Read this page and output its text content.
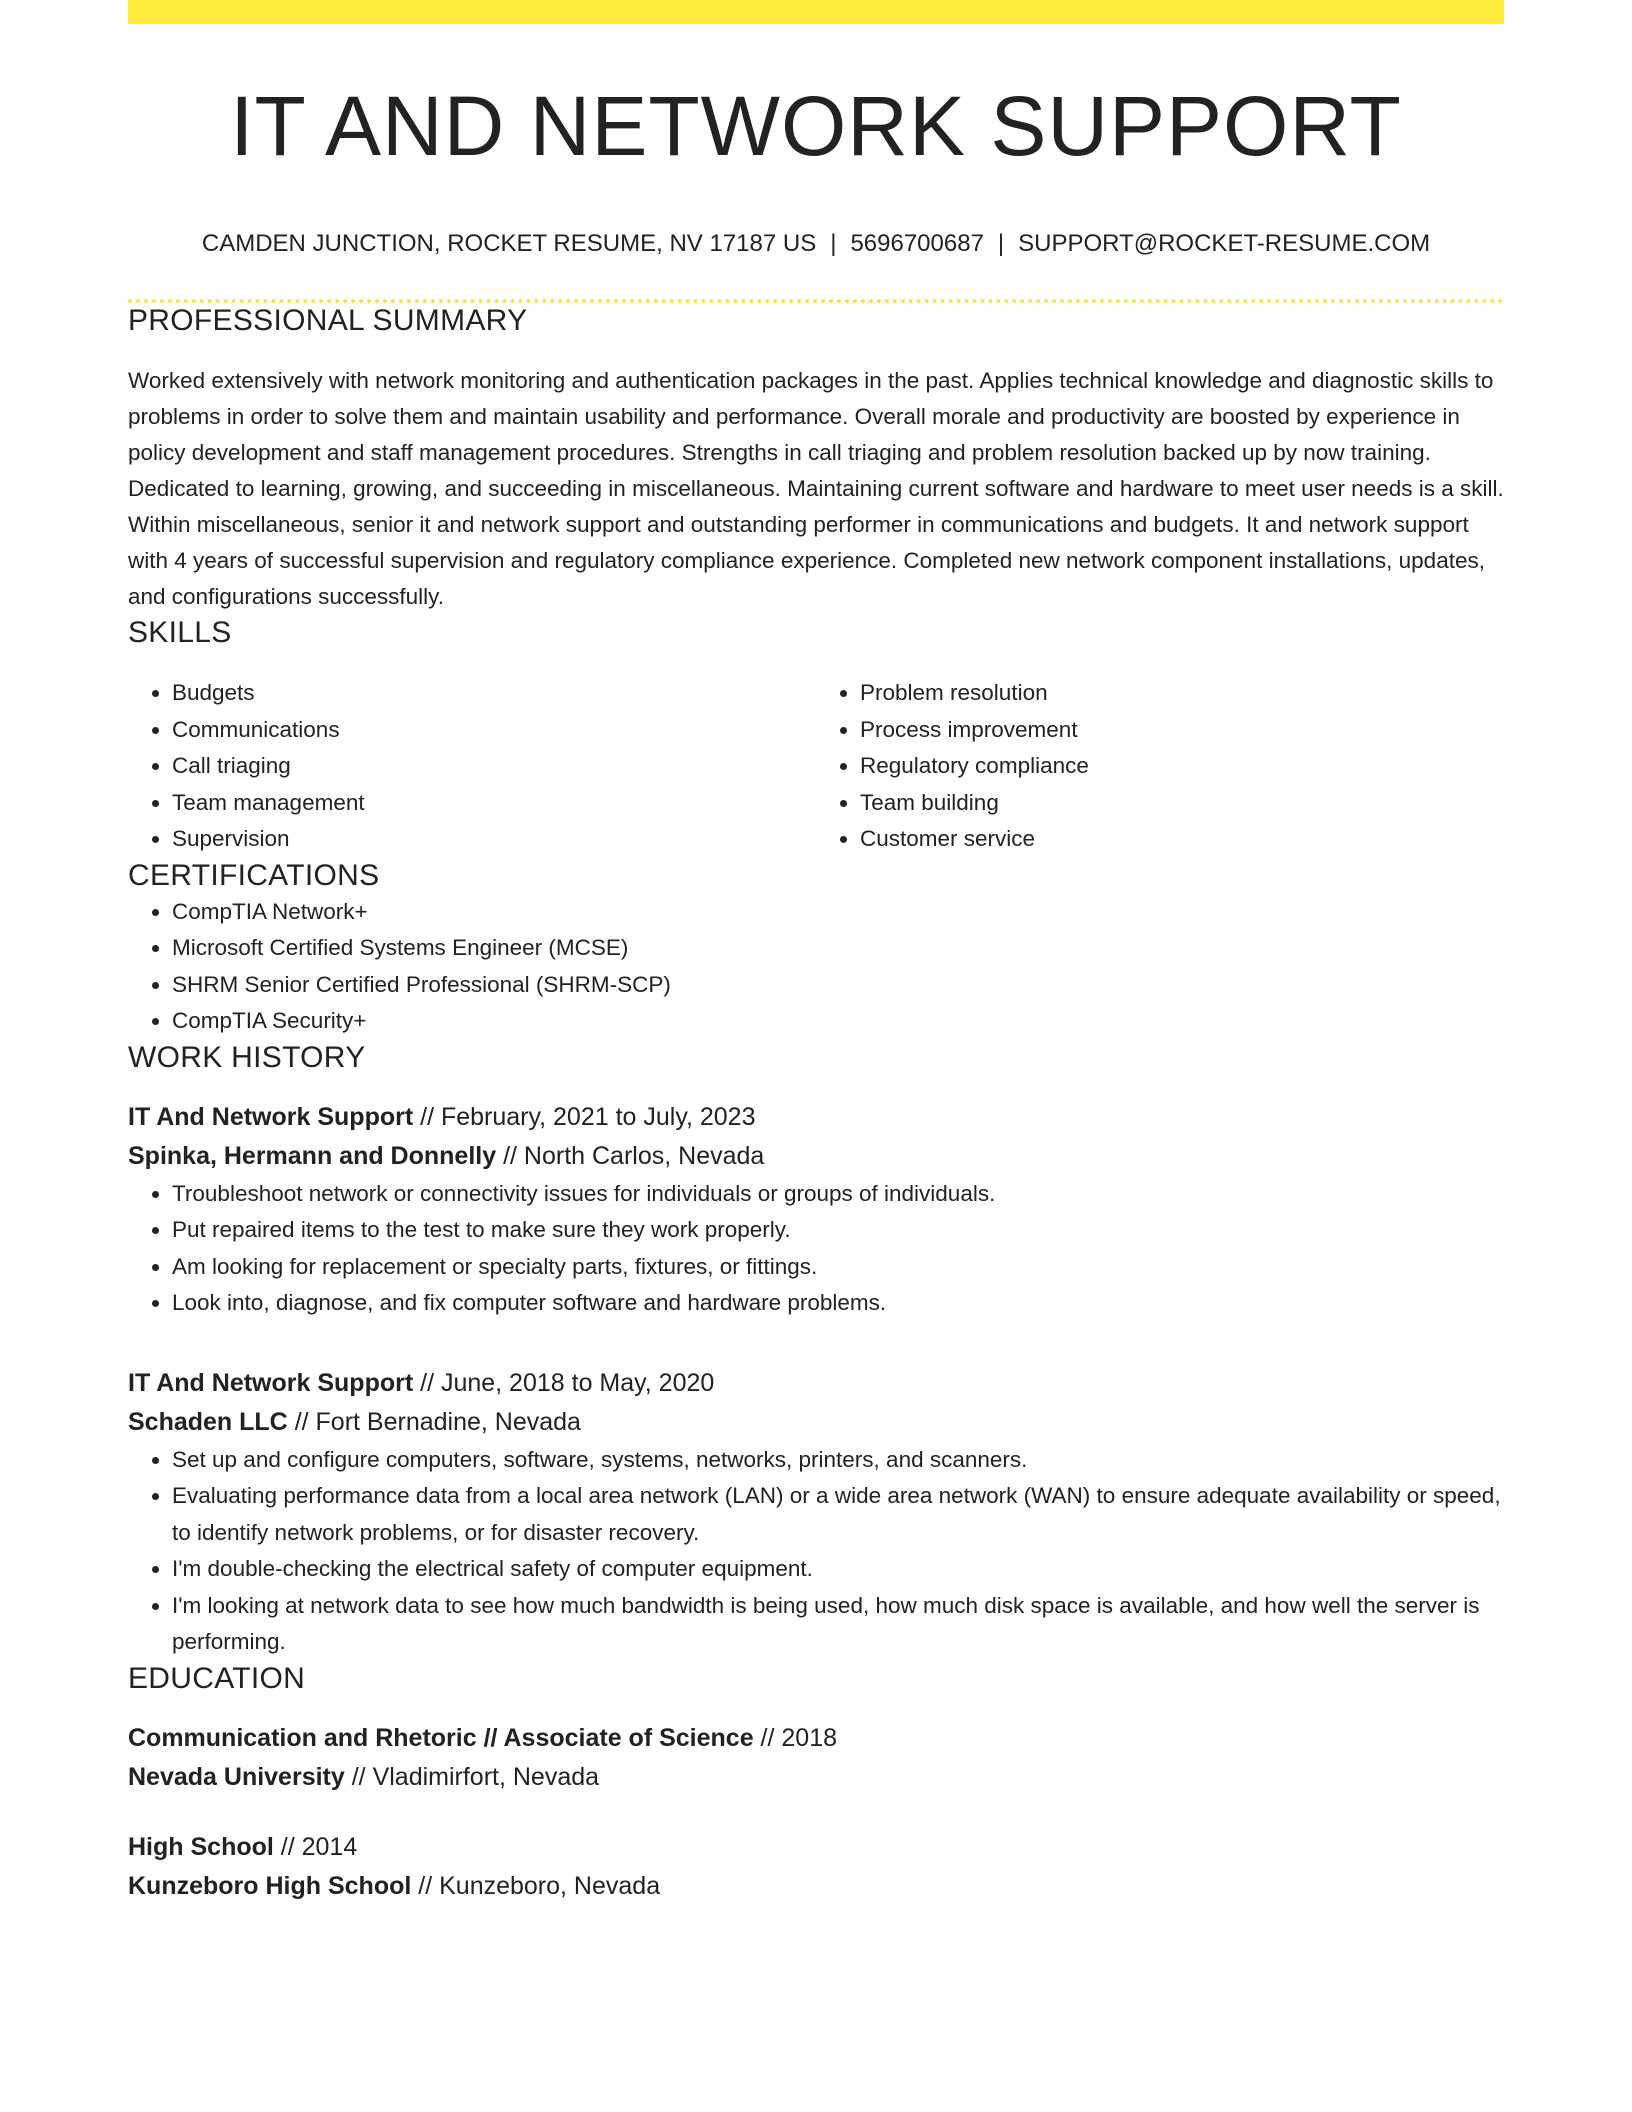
IT AND NETWORK SUPPORT
CAMDEN JUNCTION, ROCKET RESUME, NV 17187 US | 5696700687 | SUPPORT@ROCKET-RESUME.COM
PROFESSIONAL SUMMARY
Worked extensively with network monitoring and authentication packages in the past. Applies technical knowledge and diagnostic skills to problems in order to solve them and maintain usability and performance. Overall morale and productivity are boosted by experience in policy development and staff management procedures. Strengths in call triaging and problem resolution backed up by now training. Dedicated to learning, growing, and succeeding in miscellaneous. Maintaining current software and hardware to meet user needs is a skill. Within miscellaneous, senior it and network support and outstanding performer in communications and budgets. It and network support with 4 years of successful supervision and regulatory compliance experience. Completed new network component installations, updates, and configurations successfully.
SKILLS
• Budgets
• Communications
• Call triaging
• Team management
• Supervision
• Problem resolution
• Process improvement
• Regulatory compliance
• Team building
• Customer service
CERTIFICATIONS
• CompTIA Network+
• Microsoft Certified Systems Engineer (MCSE)
• SHRM Senior Certified Professional (SHRM-SCP)
• CompTIA Security+
WORK HISTORY
IT And Network Support // February, 2021 to July, 2023
Spinka, Hermann and Donnelly // North Carlos, Nevada
• Troubleshoot network or connectivity issues for individuals or groups of individuals.
• Put repaired items to the test to make sure they work properly.
• Am looking for replacement or specialty parts, fixtures, or fittings.
• Look into, diagnose, and fix computer software and hardware problems.
IT And Network Support // June, 2018 to May, 2020
Schaden LLC // Fort Bernadine, Nevada
• Set up and configure computers, software, systems, networks, printers, and scanners.
• Evaluating performance data from a local area network (LAN) or a wide area network (WAN) to ensure adequate availability or speed, to identify network problems, or for disaster recovery.
• I'm double-checking the electrical safety of computer equipment.
• I'm looking at network data to see how much bandwidth is being used, how much disk space is available, and how well the server is performing.
EDUCATION
Communication and Rhetoric // Associate of Science // 2018
Nevada University // Vladimirfort, Nevada
High School // 2014
Kunzeboro High School // Kunzeboro, Nevada
